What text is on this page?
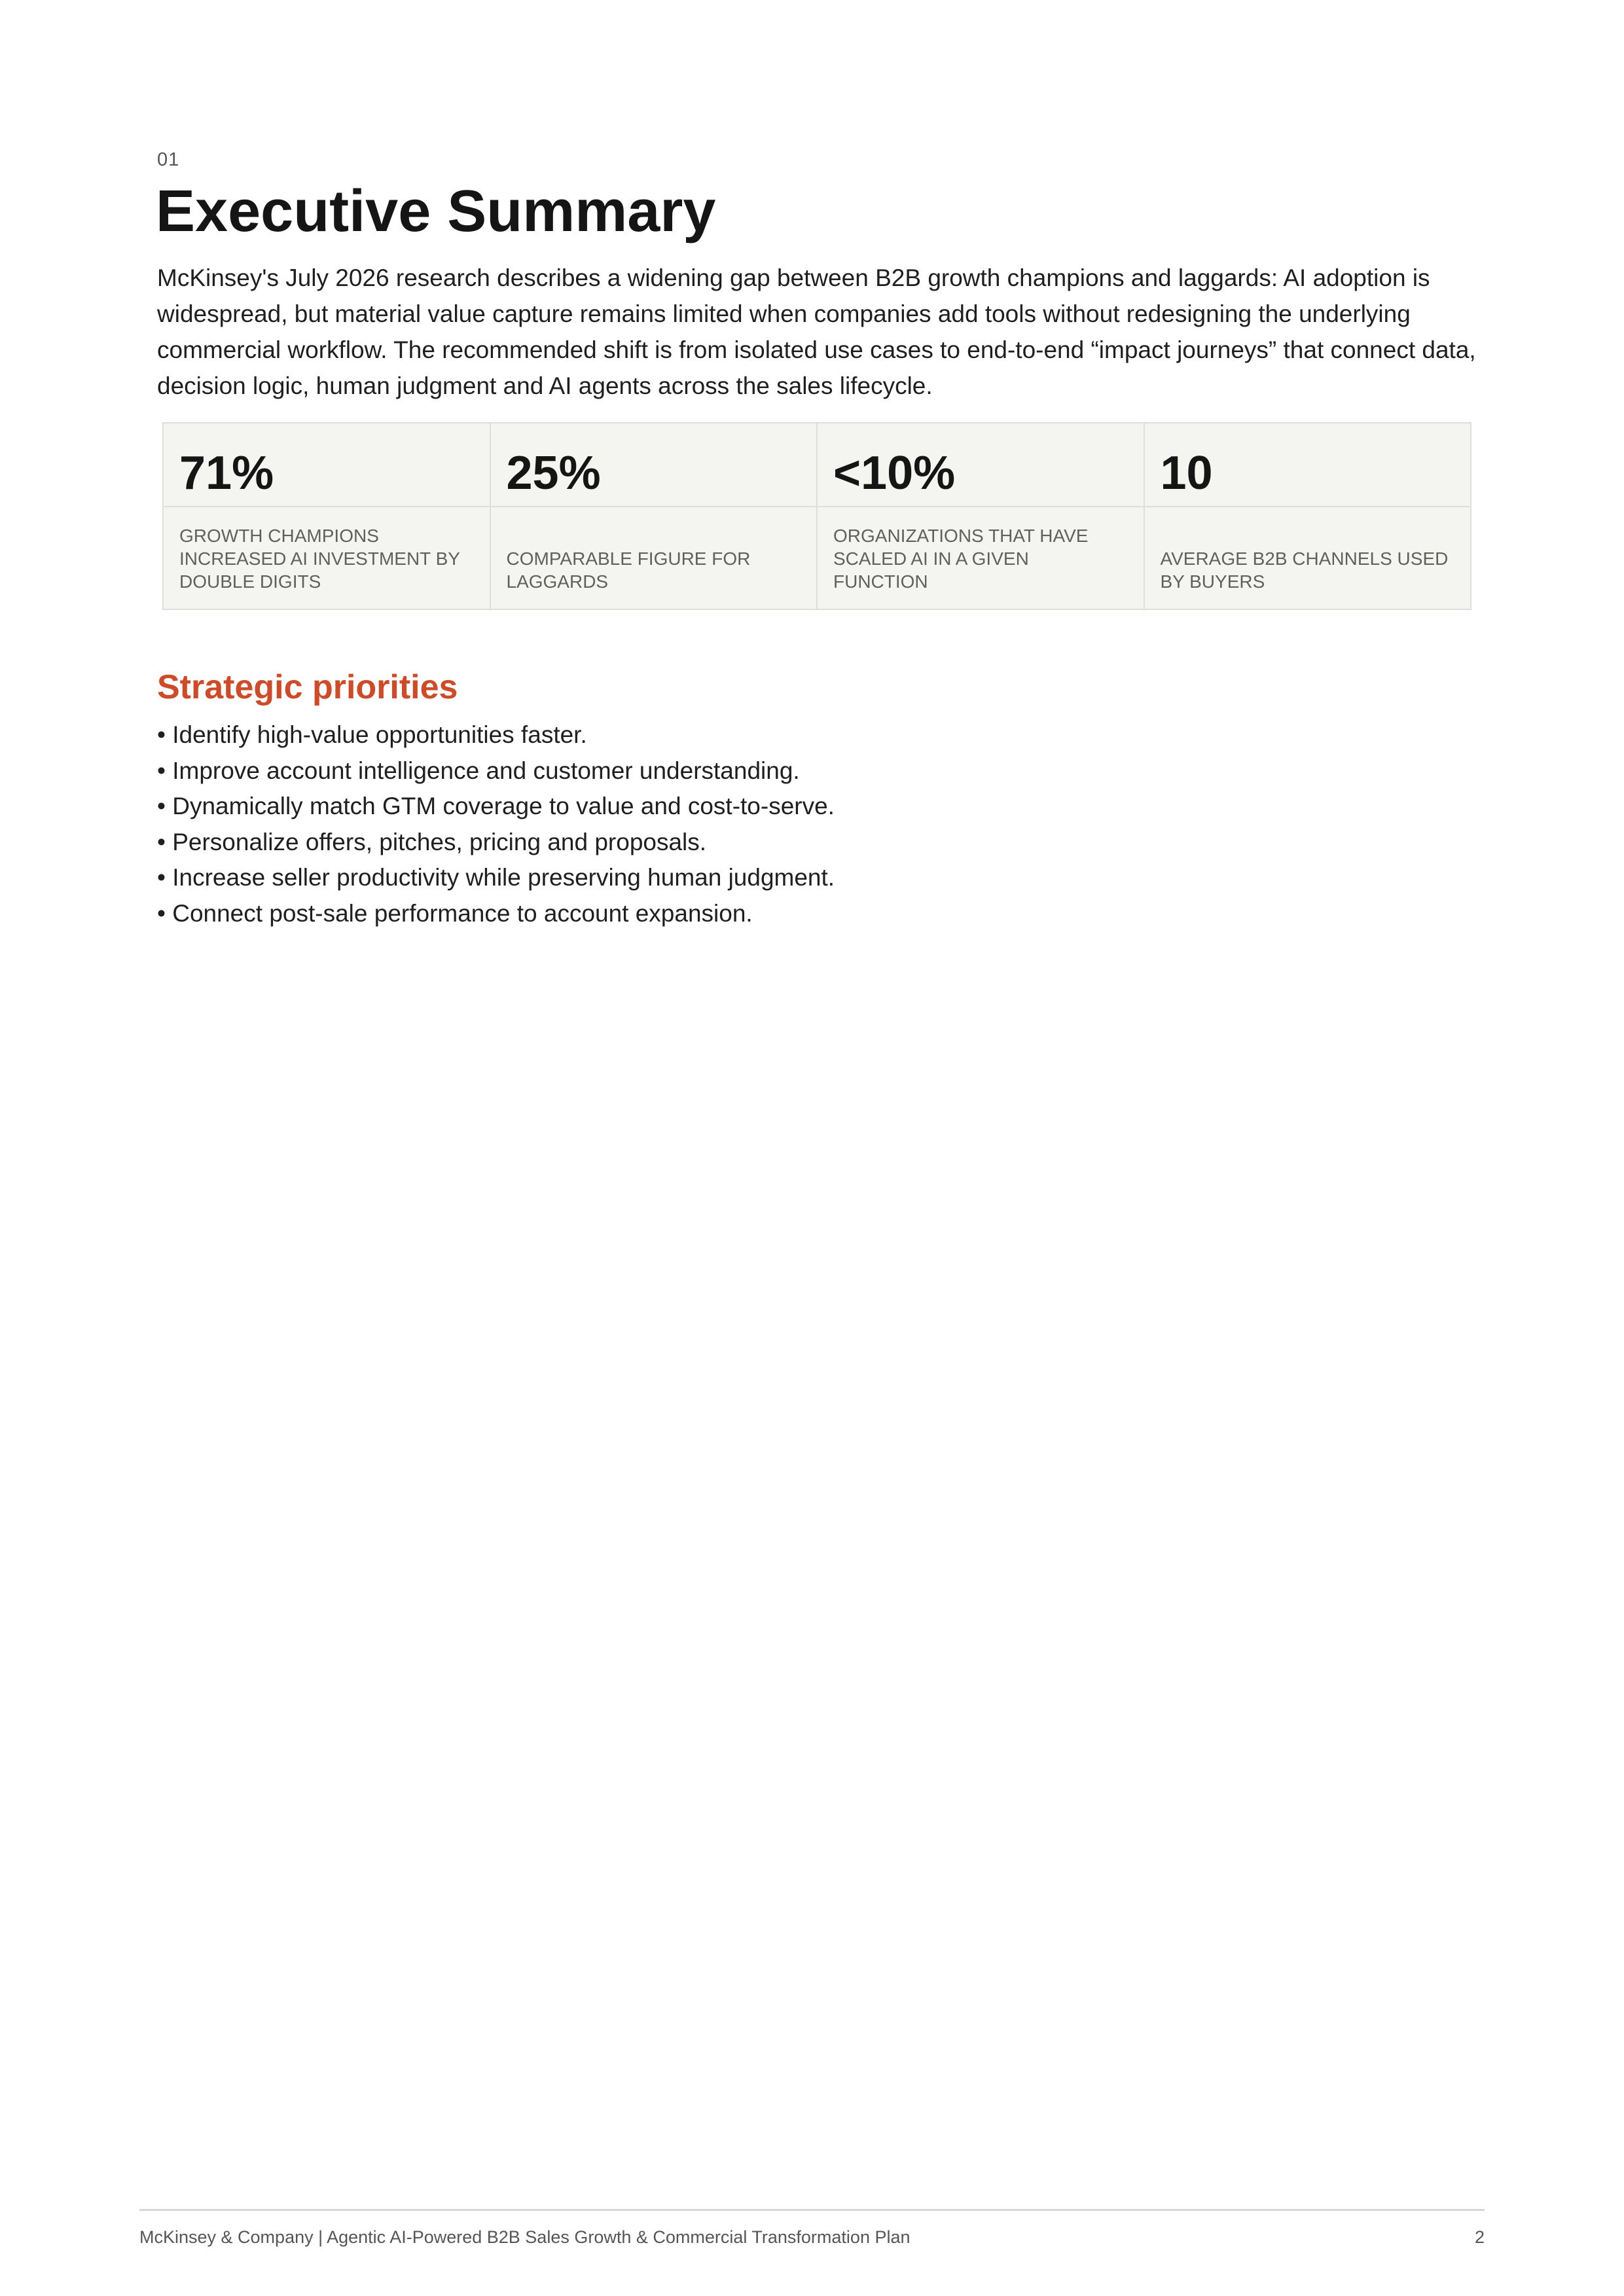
01
Executive Summary

McKinsey's July 2026 research describes a widening gap between B2B growth champions and laggards: AI adoption is widespread, but material value capture remains limited when companies add tools without redesigning the underlying commercial workflow. The recommended shift is from isolated use cases to end-to-end “impact journeys” that connect data, decision logic, human judgment and AI agents across the sales lifecycle.

71%
GROWTH CHAMPIONS INCREASED AI INVESTMENT BY DOUBLE DIGITS
25%
COMPARABLE FIGURE FOR LAGGARDS
<10%
ORGANIZATIONS THAT HAVE SCALED AI IN A GIVEN FUNCTION
10
AVERAGE B2B CHANNELS USED BY BUYERS
Strategic priorities
• Identify high-value opportunities faster.
• Improve account intelligence and customer understanding.
• Dynamically match GTM coverage to value and cost-to-serve.
• Personalize offers, pitches, pricing and proposals.
• Increase seller productivity while preserving human judgment.
• Connect post-sale performance to account expansion.
McKinsey & Company | Agentic AI-Powered B2B Sales Growth & Commercial Transformation Plan	2
